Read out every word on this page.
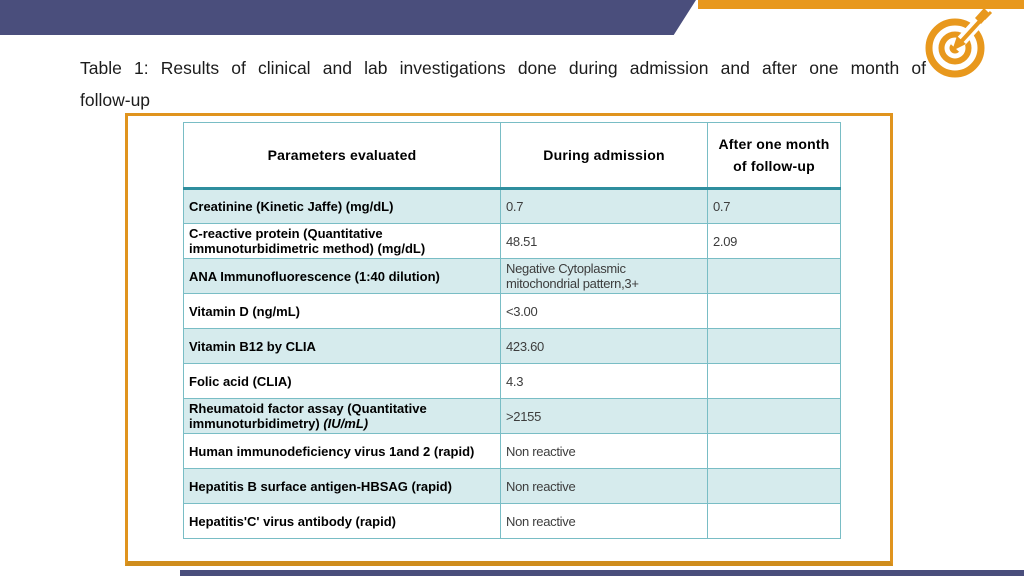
Table 1: Results of clinical and lab investigations done during admission and after one month of
follow-up
Parameters evaluated	During admission	After one month of follow-up
Creatinine (Kinetic Jaffe) (mg/dL)	0.7	0.7
C-reactive protein (Quantitative immunoturbidimetric method) (mg/dL)	48.51	2.09
ANA Immunofluorescence (1:40 dilution)	Negative Cytoplasmic mitochondrial pattern,3+	
Vitamin D (ng/mL)	<3.00	
Vitamin B12 by CLIA	423.60	
Folic acid (CLIA)	4.3	
Rheumatoid factor assay (Quantitative immunoturbidimetry) (IU/mL)	>2155	
Human immunodeficiency virus 1and 2 (rapid)	Non reactive	
Hepatitis B surface antigen-HBSAG (rapid)	Non reactive	
Hepatitis'C' virus antibody (rapid)	Non reactive	
